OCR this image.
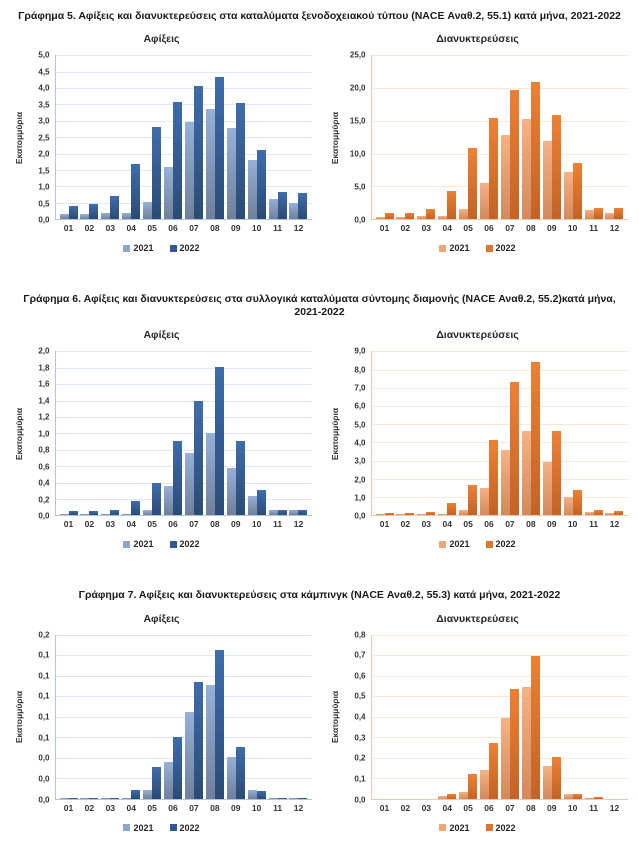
Γράφημα 5. Αφίξεις και διανυκτερεύσεις στα καταλύματα ξενοδοχειακού τύπου (NACE Αναθ.2, 55.1) κατά μήνα, 2021-2022
Αφίξεις
Εκατομμύρια
5,0
4,5
4,0
3,5
3,0
2,5
2,0
1,5
1,0
0,5
0,0
01	02	03	04	05	06	07	08	09	10	11	12
2021	2022
Διανυκτερεύσεις
Εκατομμύρια
25,0
20,0
15,0
10,0
5,0
0,0
01	02	03	04	05	06	07	08	09	10	11	12
2021	2022
Γράφημα 6. Αφίξεις και διανυκτερεύσεις στα συλλογικά καταλύματα σύντομης διαμονής (NACE Αναθ.2, 55.2)κατά μήνα, 2021-2022
Αφίξεις
Εκατομμύρια
2,0
1,8
1,6
1,4
1,2
1,0
0,8
0,6
0,4
0,2
0,0
01	02	03	04	05	06	07	08	09	10	11	12
2021	2022
Διανυκτερεύσεις
Εκατομμύρια
9,0
8,0
7,0
6,0
5,0
4,0
3,0
2,0
1,0
0,0
01	02	03	04	05	06	07	08	09	10	11	12
2021	2022
Γράφημα 7. Αφίξεις και διανυκτερεύσεις στα κάμπινγκ (NACE Αναθ.2, 55.3) κατά μήνα, 2021-2022
Αφίξεις
Εκατομμύρια
0,2
0,1
0,1
0,1
0,1
0,1
0,0
0,0
0,0
01	02	03	04	05	06	07	08	09	10	11	12
2021	2022
Διανυκτερεύσεις
Εκατομμύρια
0,8
0,7
0,6
0,5
0,4
0,3
0,2
0,1
0,0
01	02	03	04	05	06	07	08	09	10	11	12
2021	2022
